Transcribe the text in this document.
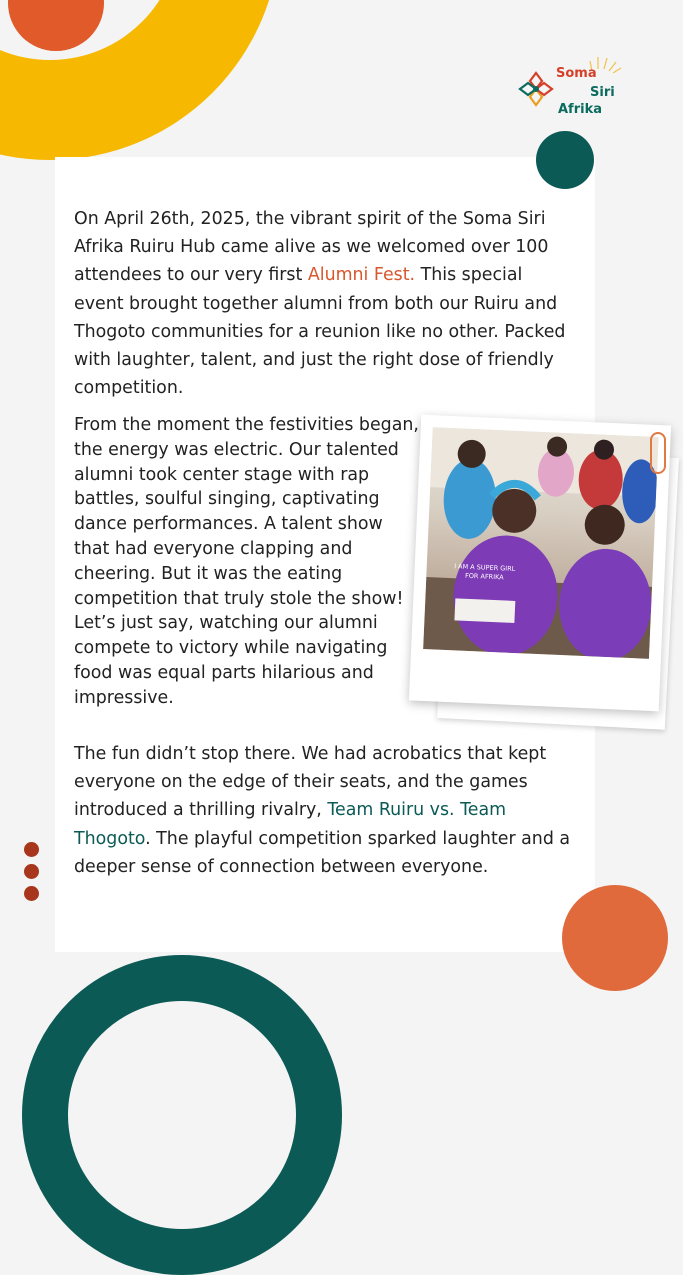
Soma
Siri
Afrika

On April 26th, 2025, the vibrant spirit of the Soma Siri Afrika Ruiru Hub came alive as we welcomed over 100 attendees to our very first Alumni Fest. This special event brought together alumni from both our Ruiru and Thogoto communities for a reunion like no other. Packed with laughter, talent, and just the right dose of friendly competition.

From the moment the festivities began, the energy was electric. Our talented alumni took center stage with rap battles, soulful singing, captivating dance performances. A talent show that had everyone clapping and cheering. But it was the eating competition that truly stole the show! Let’s just say, watching our alumni compete to victory while navigating food was equal parts hilarious and impressive.

The fun didn’t stop there. We had acrobatics that kept everyone on the edge of their seats, and the games introduced a thrilling rivalry, Team Ruiru vs. Team Thogoto. The playful competition sparked laughter and a deeper sense of connection between everyone.

I AM A SUPER GIRL
FOR AFRIKA
